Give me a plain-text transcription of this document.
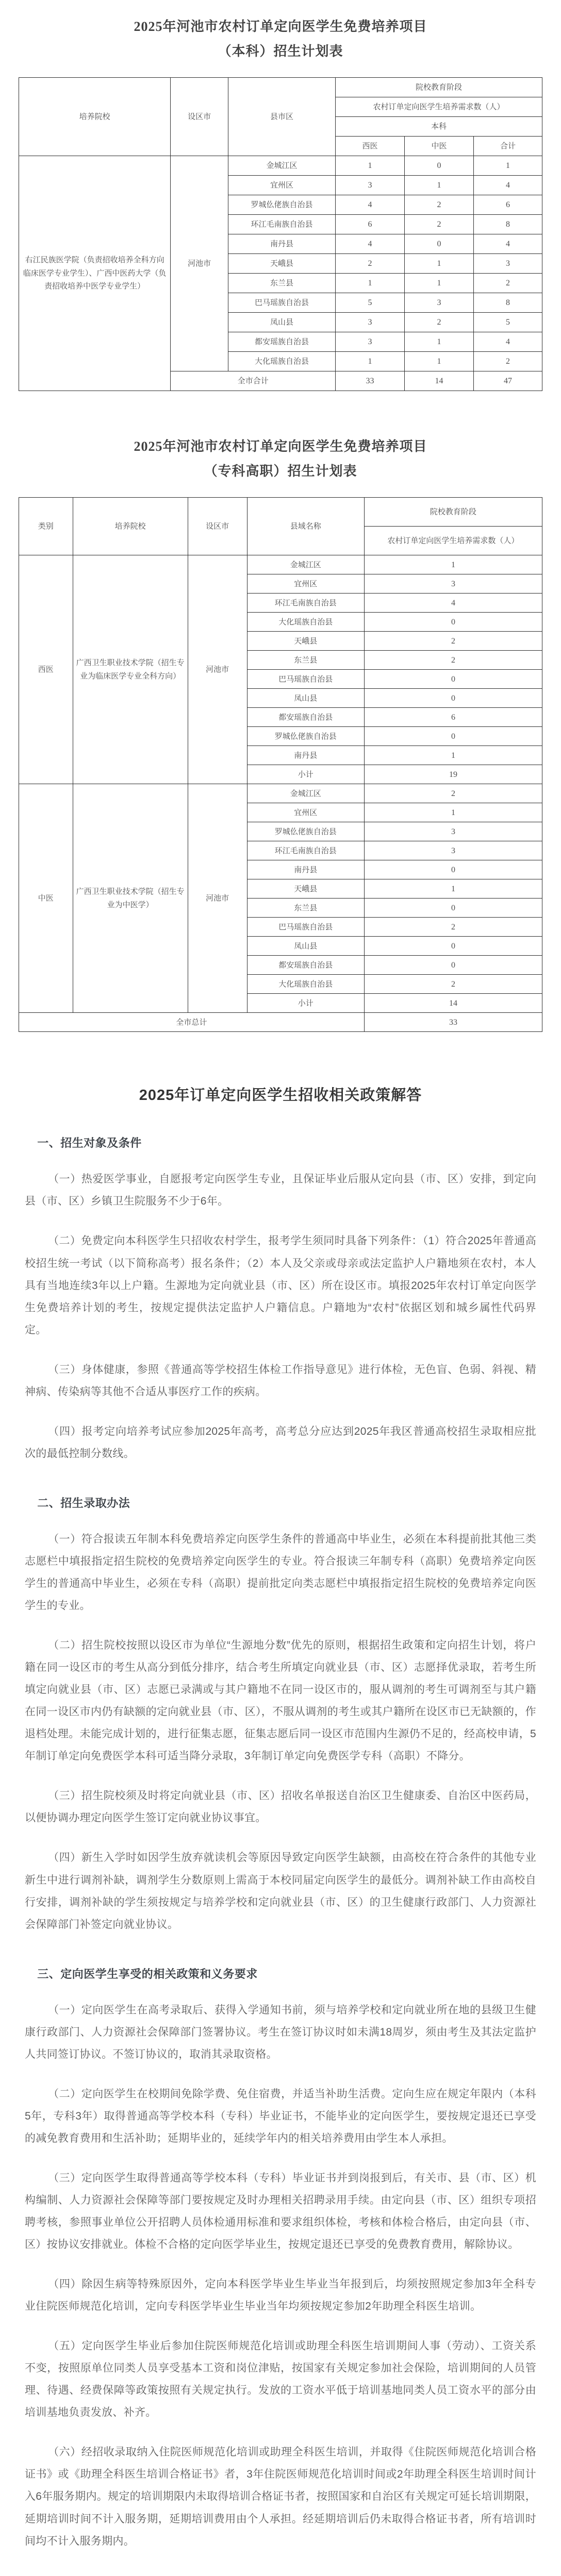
2025年河池市农村订单定向医学生免费培养项目
（本科）招生计划表
培养院校	设区市	县市区	院校教育阶段		
			农村订单定向医学生培养需求数（人）		
			本科		
			西医	中医	合计
右江民族医学院（负责招收培养全科方向临床医学专业学生）、广西中医药大学（负责招收培养中医学专业学生）	河池市	金城江区	1	0	1
		宜州区	3	1	4
		罗城仫佬族自治县	4	2	6
		环江毛南族自治县	6	2	8
		南丹县	4	0	4
		天峨县	2	1	3
		东兰县	1	1	2
		巴马瑶族自治县	5	3	8
		凤山县	3	2	5
		都安瑶族自治县	3	1	4
		大化瑶族自治县	1	1	2
	全市合计		33	14	47
2025年河池市农村订单定向医学生免费培养项目
（专科高职）招生计划表
类别	培养院校	设区市	县域名称	院校教育阶段
				农村订单定向医学生培养需求数（人）
西医	广西卫生职业技术学院（招生专业为临床医学专业全科方向）	河池市	金城江区	1
			宜州区	3
			环江毛南族自治县	4
			大化瑶族自治县	0
			天峨县	2
			东兰县	2
			巴马瑶族自治县	0
			凤山县	0
			都安瑶族自治县	6
			罗城仫佬族自治县	0
			南丹县	1
			小计	19
中医	广西卫生职业技术学院（招生专业为中医学）	河池市	金城江区	2
			宜州区	1
			罗城仫佬族自治县	3
			环江毛南族自治县	3
			南丹县	0
			天峨县	1
			东兰县	0
			巴马瑶族自治县	2
			凤山县	0
			都安瑶族自治县	0
			大化瑶族自治县	2
			小计	14
全市总计				33
2025年订单定向医学生招收相关政策解答
一、招生对象及条件

（一）热爱医学事业，自愿报考定向医学生专业，且保证毕业后服从定向县（市、区）安排，到定向县（市、区）乡镇卫生院服务不少于6年。

（二）免费定向本科医学生只招收农村学生，报考学生须同时具备下列条件：（1）符合2025年普通高校招生统一考试（以下简称高考）报名条件；（2）本人及父亲或母亲或法定监护人户籍地须在农村，本人具有当地连续3年以上户籍。生源地为定向就业县（市、区）所在设区市。填报2025年农村订单定向医学生免费培养计划的考生，按规定提供法定监护人户籍信息。户籍地为“农村”依据区划和城乡属性代码界定。

（三）身体健康，参照《普通高等学校招生体检工作指导意见》进行体检，无色盲、色弱、斜视、精神病、传染病等其他不合适从事医疗工作的疾病。

（四）报考定向培养考试应参加2025年高考，高考总分应达到2025年我区普通高校招生录取相应批次的最低控制分数线。

二、招生录取办法

（一）符合报读五年制本科免费培养定向医学生条件的普通高中毕业生，必须在本科提前批其他三类志愿栏中填报指定招生院校的免费培养定向医学生的专业。符合报读三年制专科（高职）免费培养定向医学生的普通高中毕业生，必须在专科（高职）提前批定向类志愿栏中填报指定招生院校的免费培养定向医学生的专业。

（二）招生院校按照以设区市为单位“生源地分数”优先的原则，根据招生政策和定向招生计划，将户籍在同一设区市的考生从高分到低分排序，结合考生所填定向就业县（市、区）志愿择优录取，若考生所填定向就业县（市、区）志愿已录满或与其户籍地不在同一设区市的，服从调剂的考生可调剂至与其户籍在同一设区市内仍有缺额的定向就业县（市、区），不服从调剂的考生或其户籍所在设区市已无缺额的，作退档处理。未能完成计划的，进行征集志愿，征集志愿后同一设区市范围内生源仍不足的，经高校申请，5年制订单定向免费医学本科可适当降分录取，3年制订单定向免费医学专科（高职）不降分。

（三）招生院校须及时将定向就业县（市、区）招收名单报送自治区卫生健康委、自治区中医药局，以便协调办理定向医学生签订定向就业协议事宜。

（四）新生入学时如因学生放弃就读机会等原因导致定向医学生缺额，由高校在符合条件的其他专业新生中进行调剂补缺，调剂学生分数原则上需高于本校同届定向医学生的最低分。调剂补缺工作由高校自行安排，调剂补缺的学生须按规定与培养学校和定向就业县（市、区）的卫生健康行政部门、人力资源社会保障部门补签定向就业协议。

三、定向医学生享受的相关政策和义务要求

（一）定向医学生在高考录取后、获得入学通知书前，须与培养学校和定向就业所在地的县级卫生健康行政部门、人力资源社会保障部门签署协议。考生在签订协议时如未满18周岁，须由考生及其法定监护人共同签订协议。不签订协议的，取消其录取资格。

（二）定向医学生在校期间免除学费、免住宿费，并适当补助生活费。定向生应在规定年限内（本科5年，专科3年）取得普通高等学校本科（专科）毕业证书，不能毕业的定向医学生，要按规定退还已享受的减免教育费用和生活补助；延期毕业的，延续学年内的相关培养费用由学生本人承担。

（三）定向医学生取得普通高等学校本科（专科）毕业证书并到岗报到后，有关市、县（市、区）机构编制、人力资源社会保障等部门要按规定及时办理相关招聘录用手续。由定向县（市、区）组织专项招聘考核，参照事业单位公开招聘人员体检通用标准和要求组织体检，考核和体检合格后，由定向县（市、区）按协议安排就业。体检不合格的定向医学毕业生，按规定退还已享受的免费教育费用，解除协议。

（四）除因生病等特殊原因外，定向本科医学毕业生毕业当年报到后，均须按照规定参加3年全科专业住院医师规范化培训，定向专科医学毕业生毕业当年均须按规定参加2年助理全科医生培训。

（五）定向医学生毕业后参加住院医师规范化培训或助理全科医生培训期间人事（劳动）、工资关系不变，按照原单位同类人员享受基本工资和岗位津贴，按国家有关规定参加社会保险，培训期间的人员管理、待遇、经费保障等政策按照有关规定执行。发放的工资水平低于培训基地同类人员工资水平的部分由培训基地负责发放、补齐。

（六）经招收录取纳入住院医师规范化培训或助理全科医生培训，并取得《住院医师规范化培训合格证书》或《助理全科医生培训合格证书》者，3年住院医师规范化培训时间或2年助理全科医生培训时间计入6年服务期内。规定的培训期限内未取得培训合格证书者，按照国家和自治区有关规定可延长培训期限，延期培训时间不计入服务期，延期培训费用由个人承担。经延期培训后仍未取得合格证书者，所有培训时间均不计入服务期内。
